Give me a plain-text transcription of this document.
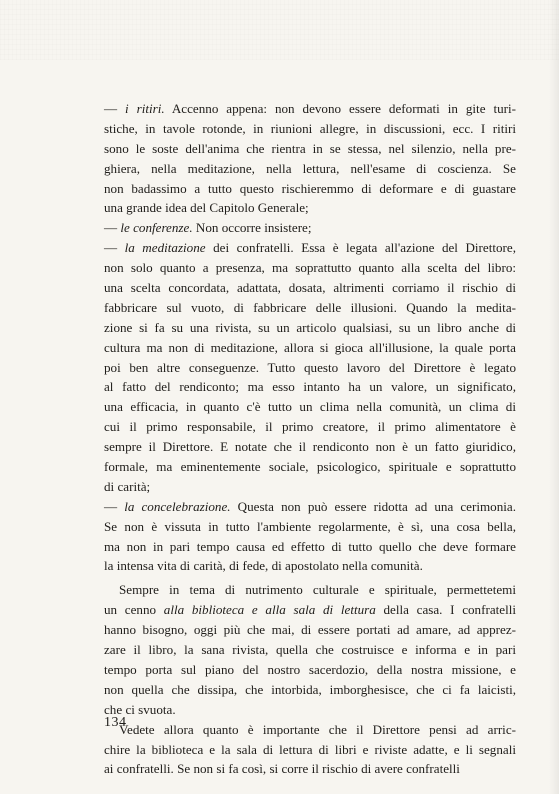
— i ritiri. Accenno appena: non devono essere deformati in gite turi-
stiche, in tavole rotonde, in riunioni allegre, in discussioni, ecc. I ritiri
sono le soste dell'anima che rientra in se stessa, nel silenzio, nella pre-
ghiera, nella meditazione, nella lettura, nell'esame di coscienza. Se
non badassimo a tutto questo rischieremmo di deformare e di guastare
una grande idea del Capitolo Generale;
— le conferenze. Non occorre insistere;
— la meditazione dei confratelli. Essa è legata all'azione del Direttore,
non solo quanto a presenza, ma soprattutto quanto alla scelta del libro:
una scelta concordata, adattata, dosata, altrimenti corriamo il rischio di
fabbricare sul vuoto, di fabbricare delle illusioni. Quando la medita-
zione si fa su una rivista, su un articolo qualsiasi, su un libro anche di
cultura ma non di meditazione, allora si gioca all'illusione, la quale porta
poi ben altre conseguenze. Tutto questo lavoro del Direttore è legato
al fatto del rendiconto; ma esso intanto ha un valore, un significato,
una efficacia, in quanto c'è tutto un clima nella comunità, un clima di
cui il primo responsabile, il primo creatore, il primo alimentatore è
sempre il Direttore. E notate che il rendiconto non è un fatto giuridico,
formale, ma eminentemente sociale, psicologico, spirituale e soprattutto
di carità;
— la concelebrazione. Questa non può essere ridotta ad una cerimonia.
Se non è vissuta in tutto l'ambiente regolarmente, è sì, una cosa bella,
ma non in pari tempo causa ed effetto di tutto quello che deve formare
la intensa vita di carità, di fede, di apostolato nella comunità.
Sempre in tema di nutrimento culturale e spirituale, permettetemi
un cenno alla biblioteca e alla sala di lettura della casa. I confratelli
hanno bisogno, oggi più che mai, di essere portati ad amare, ad apprez-
zare il libro, la sana rivista, quella che costruisce e informa e in pari
tempo porta sul piano del nostro sacerdozio, della nostra missione, e
non quella che dissipa, che intorbida, imborghesisce, che ci fa laicisti,
che ci svuota.
Vedete allora quanto è importante che il Direttore pensi ad arric-
chire la biblioteca e la sala di lettura di libri e riviste adatte, e li segnali
ai confratelli. Se non si fa così, si corre il rischio di avere confratelli
134
